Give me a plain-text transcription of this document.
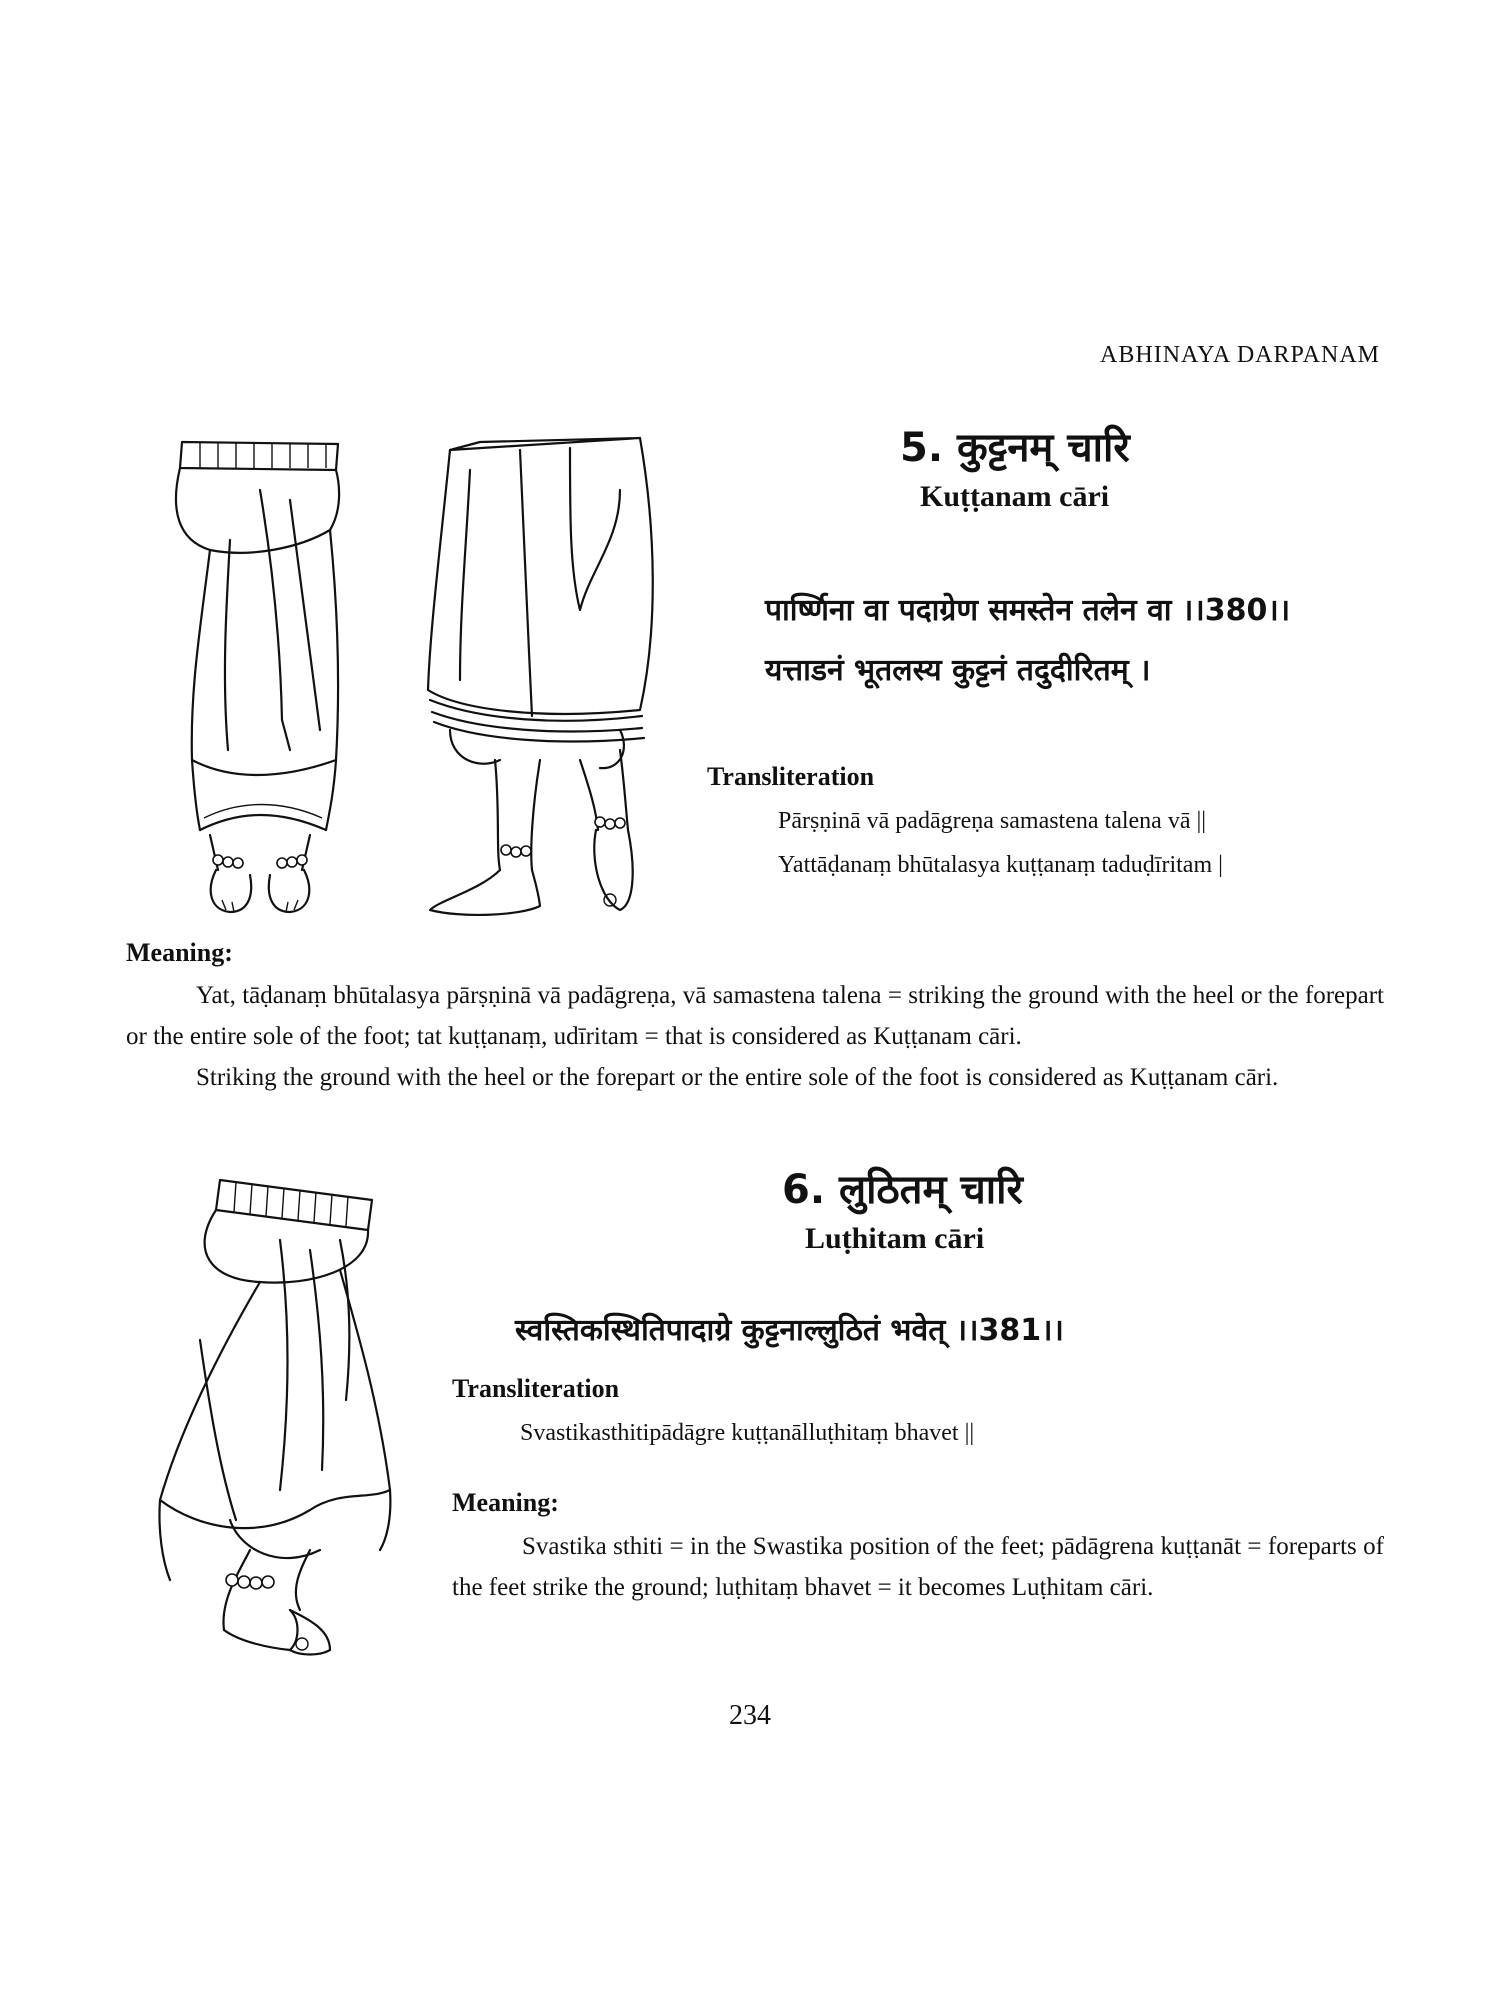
ABHINAYA DARPANAM
5. कुट्टनम् चारि
Kuṭṭanam cāri
पार्ष्णिना वा पदाग्रेण समस्तेन तलेन वा ।।380।।
यत्ताडनं भूतलस्य कुट्टनं तदुदीरितम् ।
Transliteration
Pārṣṇinā vā padāgreṇa samastena talena vā ||
Yattāḍanaṃ bhūtalasya kuṭṭanaṃ taduḍīritam |
Meaning:
Yat, tāḍanaṃ bhūtalasya pārṣṇinā vā padāgreṇa, vā samastena talena = striking the ground with the heel or the forepart or the entire sole of the foot; tat kuṭṭanaṃ, udīritam = that is considered as Kuṭṭanam cāri.
Striking the ground with the heel or the forepart or the entire sole of the foot is considered as Kuṭṭanam cāri.
6. लुठितम् चारि
Luṭhitam cāri
स्वस्तिकस्थितिपादाग्रे कुट्टनाल्लुठितं भवेत् ।।381।।
Transliteration
Svastikasthitipādāgre kuṭṭanālluṭhitaṃ bhavet ||
Meaning:
Svastika sthiti = in the Swastika position of the feet; pādāgrena kuṭṭanāt = foreparts of the feet strike the ground; luṭhitaṃ bhavet = it becomes Luṭhitam cāri.
234
